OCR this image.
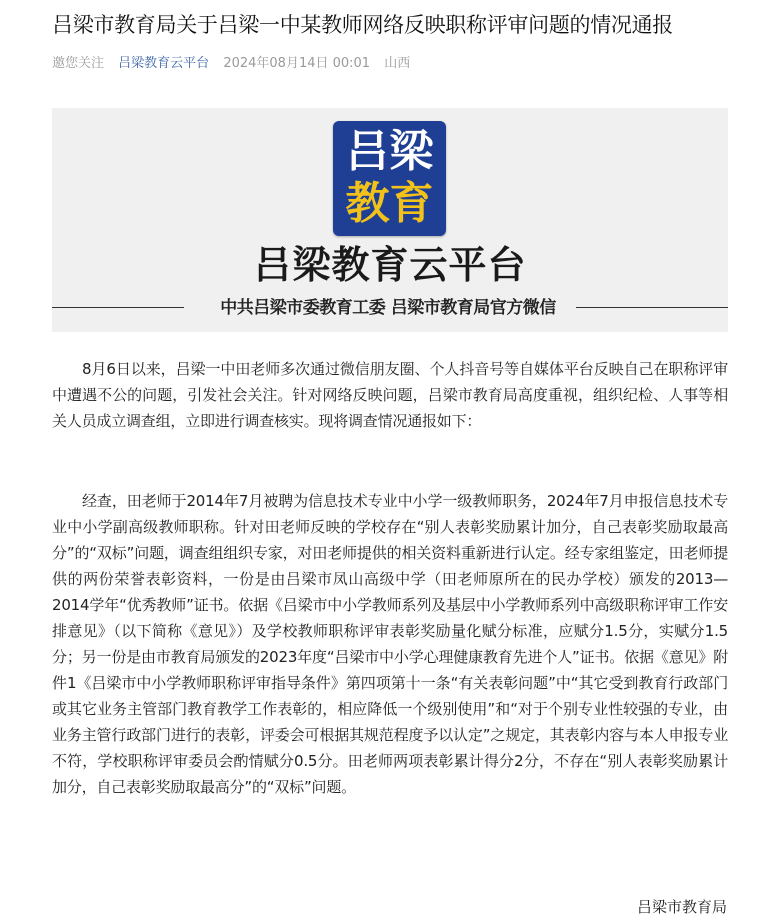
吕梁市教育局关于吕梁一中某教师网络反映职称评审问题的情况通报
邀您关注 吕梁教育云平台 2024年08月14日 00:01 山西
吕梁
教育
吕梁教育云平台
中共吕梁市委教育工委 吕梁市教育局官方微信

8月6日以来，吕梁一中田老师多次通过微信朋友圈、个人抖音号等自媒体平台反映自己在职称评审中遭遇不公的问题，引发社会关注。针对网络反映问题，吕梁市教育局高度重视，组织纪检、人事等相关人员成立调查组，立即进行调查核实。现将调查情况通报如下：

经查，田老师于2014年7月被聘为信息技术专业中小学一级教师职务，2024年7月申报信息技术专业中小学副高级教师职称。针对田老师反映的学校存在“别人表彰奖励累计加分，自己表彰奖励取最高分”的“双标”问题，调查组组织专家，对田老师提供的相关资料重新进行认定。经专家组鉴定，田老师提供的两份荣誉表彰资料，一份是由吕梁市凤山高级中学（田老师原所在的民办学校）颁发的2013—2014学年“优秀教师”证书。依据《吕梁市中小学教师系列及基层中小学教师系列中高级职称评审工作安排意见》（以下简称《意见》）及学校教师职称评审表彰奖励量化赋分标准，应赋分1.5分，实赋分1.5分；另一份是由市教育局颁发的2023年度“吕梁市中小学心理健康教育先进个人”证书。依据《意见》附件1《吕梁市中小学教师职称评审指导条件》第四项第十一条“有关表彰问题”中“其它受到教育行政部门或其它业务主管部门教育教学工作表彰的，相应降低一个级别使用”和“对于个别专业性较强的专业，由业务主管行政部门进行的表彰，评委会可根据其规范程度予以认定”之规定，其表彰内容与本人申报专业不符，学校职称评审委员会酌情赋分0.5分。田老师两项表彰累计得分2分，不存在“别人表彰奖励累计加分，自己表彰奖励取最高分”的“双标”问题。

吕梁市教育局
